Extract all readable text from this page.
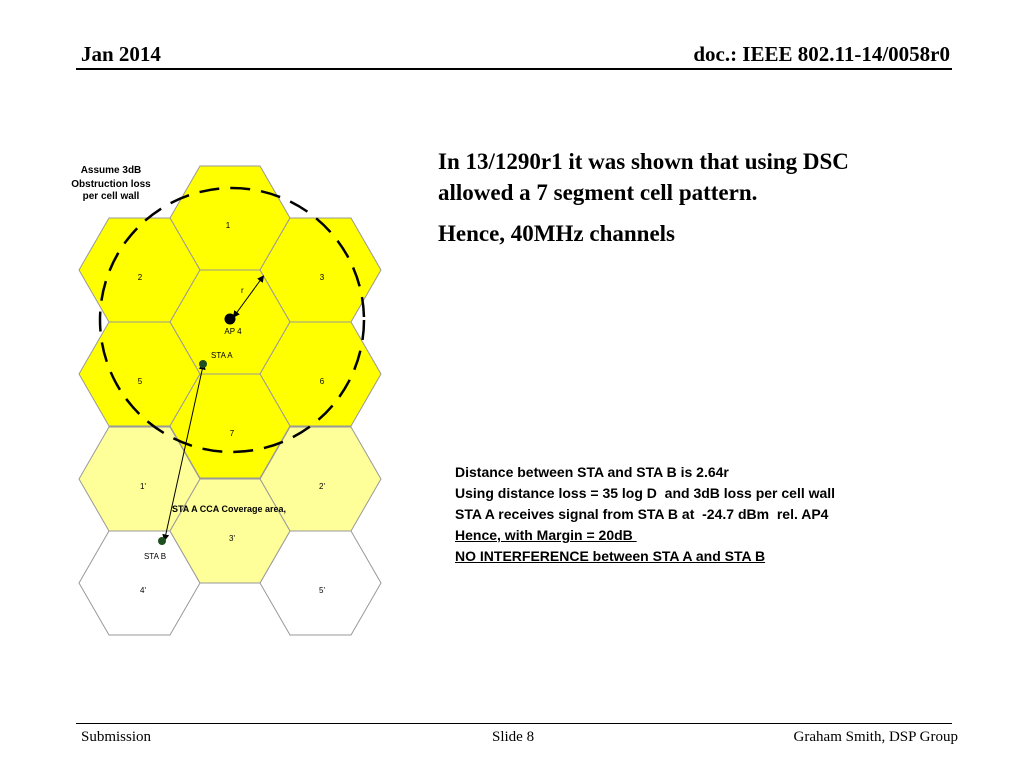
Jan 2014	doc.: IEEE 802.11-14/0058r0
1
2	3
5	6
7
1'	2'
3'
4'	5'
Assume 3dB
Obstruction loss
per cell wall
r
AP 4
STA A
STA B
STA A CCA Coverage area,

In 13/1290r1 it was shown that using DSC allowed a 7 segment cell pattern.

Hence, 40MHz channels

Distance between STA and STA B is 2.64r
Using distance loss = 35 log D  and 3dB loss per cell wall
STA A receives signal from STA B at  -24.7 dBm  rel. AP4
Hence, with Margin = 20dB
NO INTERFERENCE between STA A and STA B
Submission	Slide 8	Graham Smith, DSP Group
